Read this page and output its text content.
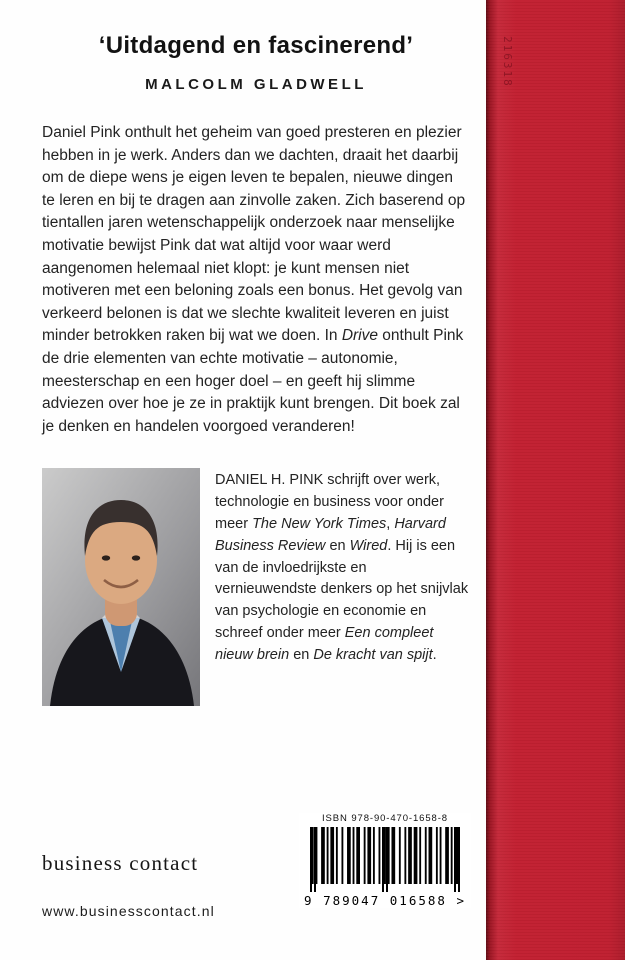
‘Uitdagend en fascinerend’
MALCOLM GLADWELL

Daniel Pink onthult het geheim van goed presteren en plezier hebben in je werk. Anders dan we dachten, draait het daarbij om de diepe wens je eigen leven te bepalen, nieuwe dingen te leren en bij te dragen aan zinvolle zaken. Zich baserend op tientallen jaren wetenschappelijk onderzoek naar menselijke motivatie bewijst Pink dat wat altijd voor waar werd aangenomen helemaal niet klopt: je kunt mensen niet motiveren met een beloning zoals een bonus. Het gevolg van verkeerd belonen is dat we slechte kwaliteit leveren en juist minder betrokken raken bij wat we doen. In Drive onthult Pink de drie elementen van echte motivatie – autonomie, meesterschap en een hoger doel – en geeft hij slimme adviezen over hoe je ze in praktijk kunt brengen. Dit boek zal je denken en handelen voorgoed veranderen!

DANIEL H. PINK schrijft over werk, technologie en business voor onder meer The New York Times, Harvard Business Review en Wired. Hij is een van de invloedrijkste en vernieuwendste denkers op het snijvlak van psychologie en economie en schreef onder meer Een compleet nieuw brein en De kracht van spijt.

business contact
www.businesscontact.nl
ISBN 978-90-470-1658-8
9 789047 016588 >
216318
